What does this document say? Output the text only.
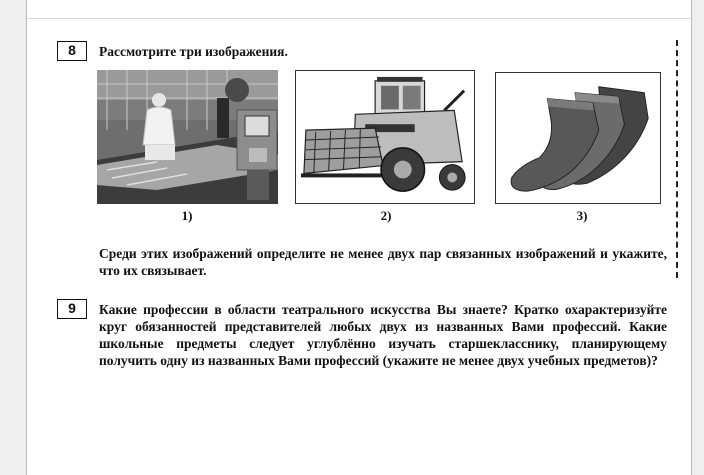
8	Рассмотрите три изображения.
1)	2)	3)
Среди этих изображений определите не менее двух пар связанных изображений и укажите, что их связывает.
9	Какие профессии в области театрального искусства Вы знаете? Кратко охарактеризуйте круг обязанностей представителей любых двух из названных Вами профессий. Какие школьные предметы следует углублённо изучать старшекласснику, планирующему получить одну из названных Вами профессий (укажите не менее двух учебных предметов)?
